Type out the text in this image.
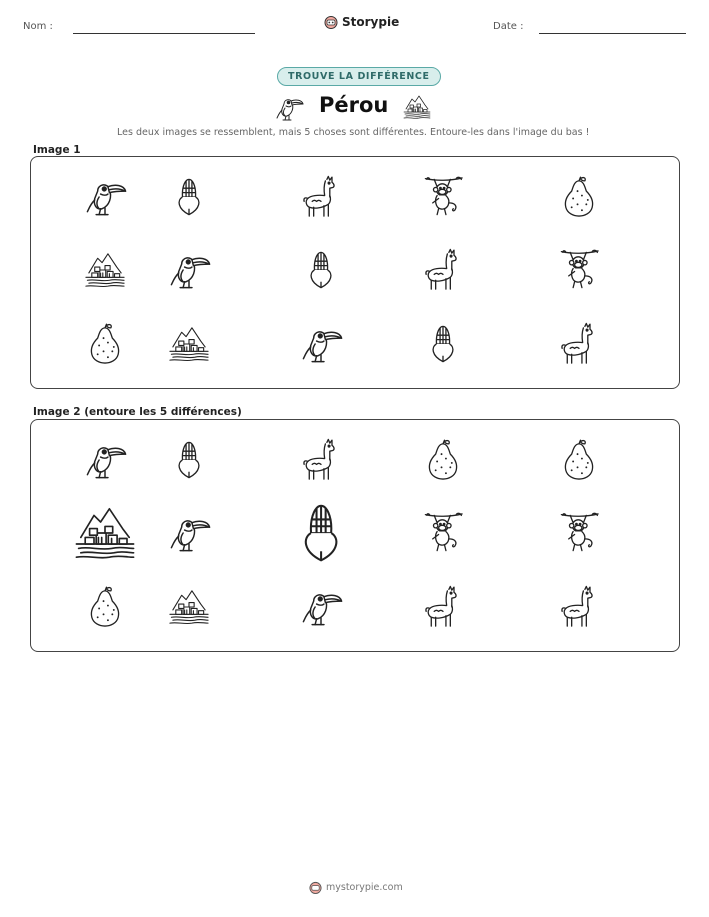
Nom :	Storypie	Date :
TROUVE LA DIFFÉRENCE
Pérou
Les deux images se ressemblent, mais 5 choses sont différentes. Entoure-les dans l'image du bas !
Image 1
Image 2 (entoure les 5 différences)
mystorypie.com
